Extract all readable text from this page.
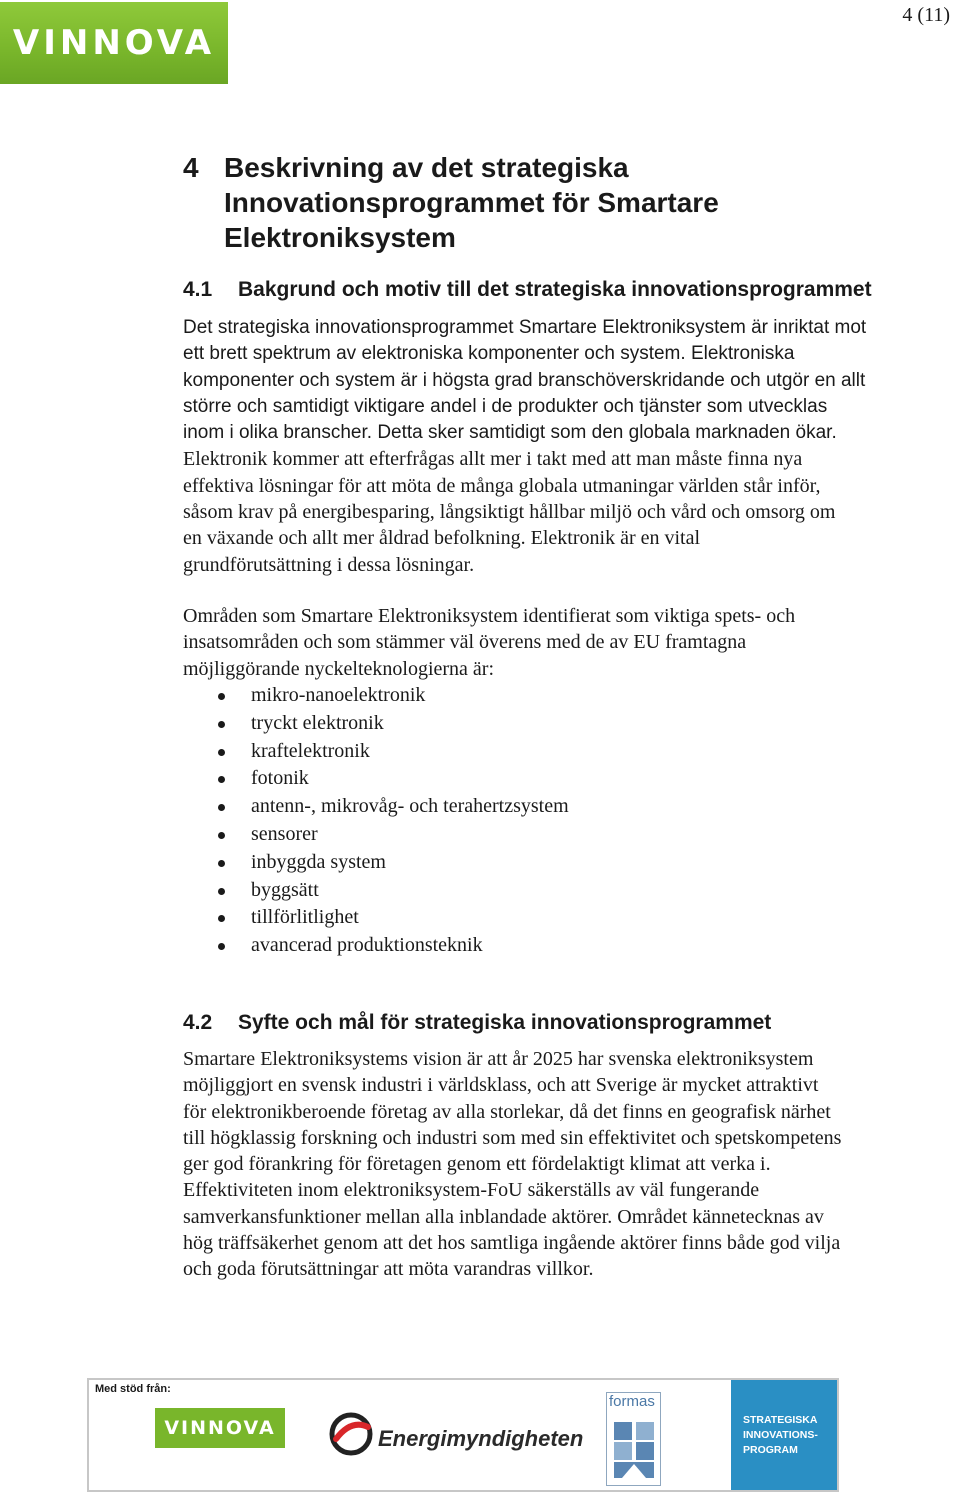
VINNOVA
4 (11)
4 Beskrivning av det strategiska
Innovationsprogrammet för Smartare
Elektroniksystem
4.1 Bakgrund och motiv till det strategiska innovationsprogrammet
Det strategiska innovationsprogrammet Smartare Elektroniksystem är inriktat mot
ett brett spektrum av elektroniska komponenter och system. Elektroniska
komponenter och system är i högsta grad branschöverskridande och utgör en allt
större och samtidigt viktigare andel i de produkter och tjänster som utvecklas
inom i olika branscher. Detta sker samtidigt som den globala marknaden ökar.
Elektronik kommer att efterfrågas allt mer i takt med att man måste finna nya
effektiva lösningar för att möta de många globala utmaningar världen står inför,
såsom krav på energibesparing, långsiktigt hållbar miljö och vård och omsorg om
en växande och allt mer åldrad befolkning. Elektronik är en vital
grundförutsättning i dessa lösningar.
Områden som Smartare Elektroniksystem identifierat som viktiga spets- och
insatsområden och som stämmer väl överens med de av EU framtagna
möjliggörande nyckelteknologierna är:
mikro-nanoelektronik
tryckt elektronik
kraftelektronik
fotonik
antenn-, mikrovåg- och terahertzsystem
sensorer
inbyggda system
byggsätt
tillförlitlighet
avancerad produktionsteknik
4.2 Syfte och mål för strategiska innovationsprogrammet
Smartare Elektroniksystems vision är att år 2025 har svenska elektroniksystem
möjliggjort en svensk industri i världsklass, och att Sverige är mycket attraktivt
för elektronikberoende företag av alla storlekar, då det finns en geografisk närhet
till högklassig forskning och industri som med sin effektivitet och spetskompetens
ger god förankring för företagen genom ett fördelaktigt klimat att verka i.
Effektiviteten inom elektroniksystem-FoU säkerställs av väl fungerande
samverkansfunktioner mellan alla inblandade aktörer. Området kännetecknas av
hög träffsäkerhet genom att det hos samtliga ingående aktörer finns både god vilja
och goda förutsättningar att möta varandras villkor.
Med stöd från:
VINNOVA	Energimyndigheten
formas
STRATEGISKA
INNOVATIONS-
PROGRAM
